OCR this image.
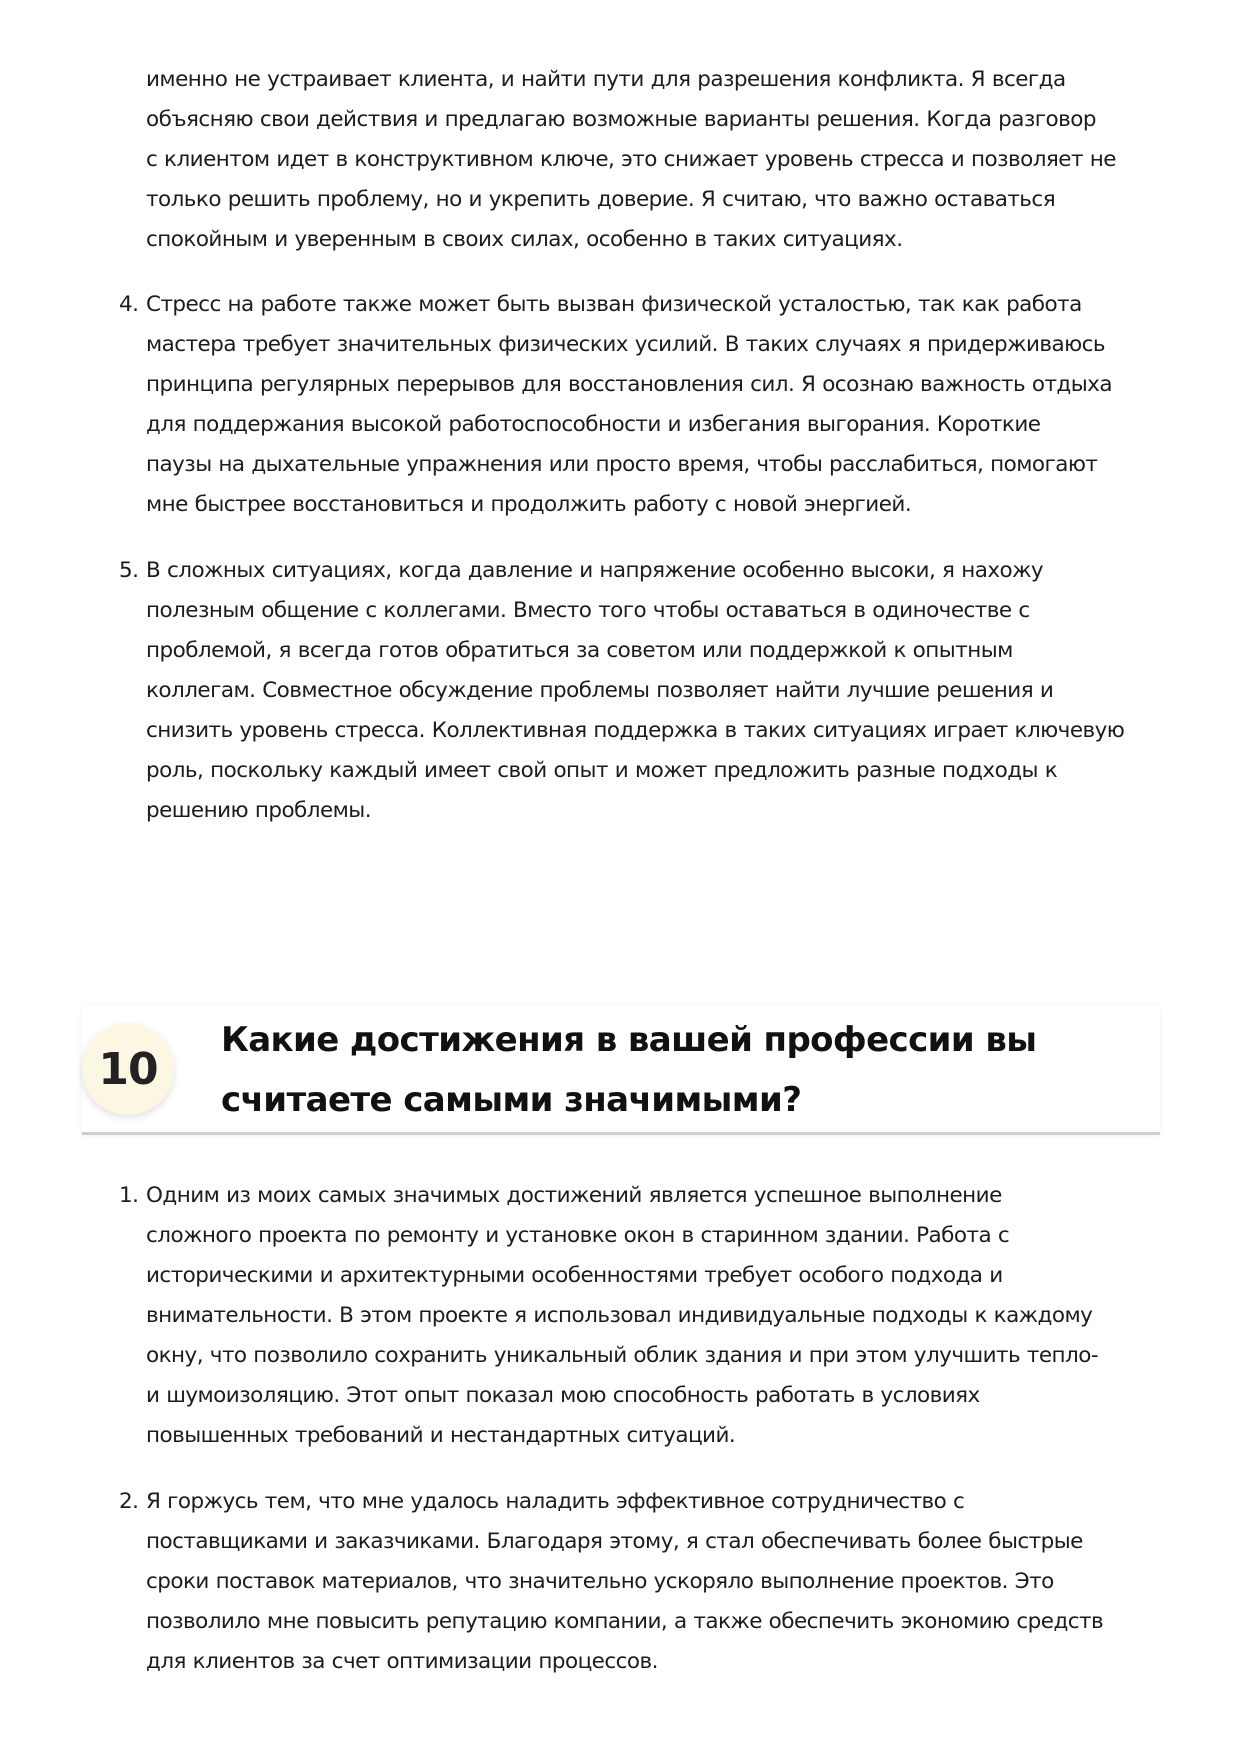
именно не устраивает клиента, и найти пути для разрешения конфликта. Я всегда
объясняю свои действия и предлагаю возможные варианты решения. Когда разговор
с клиентом идет в конструктивном ключе, это снижает уровень стресса и позволяет не
только решить проблему, но и укрепить доверие. Я считаю, что важно оставаться
спокойным и уверенным в своих силах, особенно в таких ситуациях.
4. Стресс на работе также может быть вызван физической усталостью, так как работа
мастера требует значительных физических усилий. В таких случаях я придерживаюсь
принципа регулярных перерывов для восстановления сил. Я осознаю важность отдыха
для поддержания высокой работоспособности и избегания выгорания. Короткие
паузы на дыхательные упражнения или просто время, чтобы расслабиться, помогают
мне быстрее восстановиться и продолжить работу с новой энергией.
5. В сложных ситуациях, когда давление и напряжение особенно высоки, я нахожу
полезным общение с коллегами. Вместо того чтобы оставаться в одиночестве с
проблемой, я всегда готов обратиться за советом или поддержкой к опытным
коллегам. Совместное обсуждение проблемы позволяет найти лучшие решения и
снизить уровень стресса. Коллективная поддержка в таких ситуациях играет ключевую
роль, поскольку каждый имеет свой опыт и может предложить разные подходы к
решению проблемы.
10
Какие достижения в вашей профессии вы
считаете самыми значимыми?
1. Одним из моих самых значимых достижений является успешное выполнение
сложного проекта по ремонту и установке окон в старинном здании. Работа с
историческими и архитектурными особенностями требует особого подхода и
внимательности. В этом проекте я использовал индивидуальные подходы к каждому
окну, что позволило сохранить уникальный облик здания и при этом улучшить тепло-
и шумоизоляцию. Этот опыт показал мою способность работать в условиях
повышенных требований и нестандартных ситуаций.
2. Я горжусь тем, что мне удалось наладить эффективное сотрудничество с
поставщиками и заказчиками. Благодаря этому, я стал обеспечивать более быстрые
сроки поставок материалов, что значительно ускоряло выполнение проектов. Это
позволило мне повысить репутацию компании, а также обеспечить экономию средств
для клиентов за счет оптимизации процессов.
